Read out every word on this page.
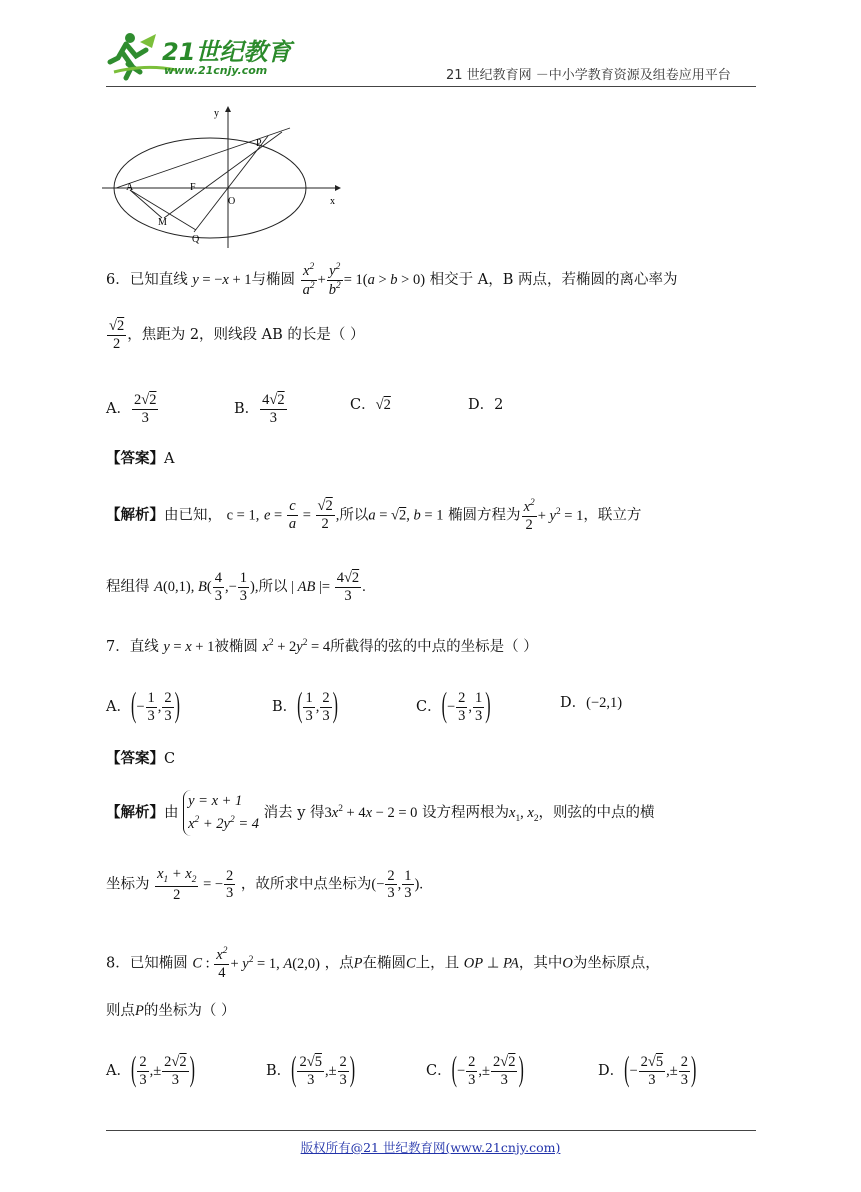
21世纪教育
www.21cnjy.com	21 世纪教育网 －中小学教育资源及组卷应用平台
y
P
A	F
O	x
M
Q
6．已知直线 y = −x + 1与椭圆 $\frac{x^2}{a^2} + \frac{y^2}{b^2} = 1(a > b > 0)$ 相交于 A，B 两点，若椭圆的离心率为
$\frac{√2}{2}$ ，焦距为 2，则线段 AB 的长是（ ）
A． $\frac{2√2}{3}$	B． $\frac{4√2}{3}$	C．√2	D．2
【答案】A
【解析】由已知， c = 1, $e = \frac{c}{a} = \frac{√2}{2}$ ,所以a = √2, b = 1 椭圆方程为 $\frac{x^2}{2} + y^2 = 1$，联立方
程组得 A(0,1), $B( \frac{4}{3}$ ,− $\frac{1}{3}$ ),所以 | AB |= $\frac{4√2}{3}$ .
7．直线 y = x + 1被椭圆 $x^2 + 2y^2 = 4$所截得的弦的中点的坐标是（ ）
A．(− $\frac{1}{3}$ , $\frac{2}{3}$ )	B．( $\frac{1}{3}$ , $\frac{2}{3}$ )	C．(− $\frac{2}{3}$ , $\frac{1}{3}$ )	D．(−2,1)
【答案】C
【解析】由
y = x + 1
$x^2 + 2y^2 = 4$
消去 y 得$3x^2 + 4x - 2 = 0$ 设方程两根为$x_1$, $x_2$，则弦的中点的横
坐标为 $\frac{x_1 + x_2}{2}$ = − $\frac{2}{3}$ ，故所求中点坐标为(− $\frac{2}{3}$ , $\frac{1}{3}$ ).
8．已知椭圆 C : $\frac{x^2}{4} + y^2 = 1$, A(2,0) ，点P在椭圆C上，且 OP ⊥ PA，其中O为坐标原点，
则点P的坐标为（ ）
A．( $\frac{2}{3}$ ,± $\frac{2√2}{3}$ )	B．( $\frac{2√5}{3}$ ,± $\frac{2}{3}$ )	C．(− $\frac{2}{3}$ ,± $\frac{2√2}{3}$ )	D．(− $\frac{2√5}{3}$ ,± $\frac{2}{3}$ )
版权所有@21 世纪教育网(www.21cnjy.com)
